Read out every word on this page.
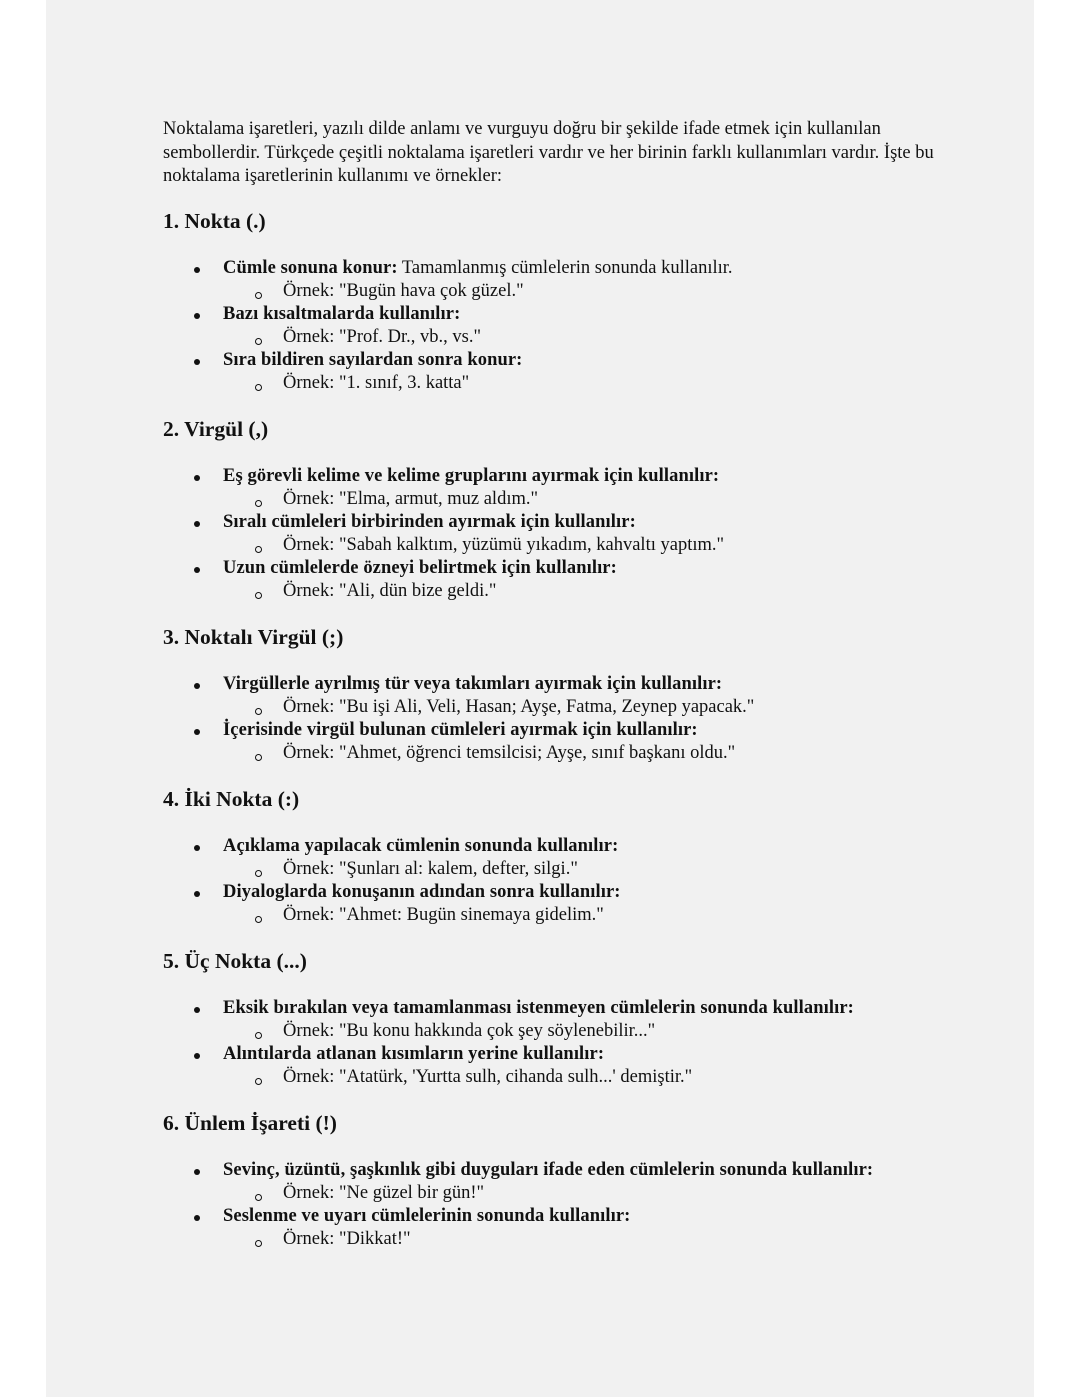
Noktalama işaretleri, yazılı dilde anlamı ve vurguyu doğru bir şekilde ifade etmek için kullanılan sembollerdir. Türkçede çeşitli noktalama işaretleri vardır ve her birinin farklı kullanımları vardır. İşte bu noktalama işaretlerinin kullanımı ve örnekler:

1. Nokta (.)
Cümle sonuna konur: Tamamlanmış cümlelerin sonunda kullanılır.
Örnek: "Bugün hava çok güzel."
Bazı kısaltmalarda kullanılır:
Örnek: "Prof. Dr., vb., vs."
Sıra bildiren sayılardan sonra konur:
Örnek: "1. sınıf, 3. katta"
2. Virgül (,)
Eş görevli kelime ve kelime gruplarını ayırmak için kullanılır:
Örnek: "Elma, armut, muz aldım."
Sıralı cümleleri birbirinden ayırmak için kullanılır:
Örnek: "Sabah kalktım, yüzümü yıkadım, kahvaltı yaptım."
Uzun cümlelerde özneyi belirtmek için kullanılır:
Örnek: "Ali, dün bize geldi."
3. Noktalı Virgül (;)
Virgüllerle ayrılmış tür veya takımları ayırmak için kullanılır:
Örnek: "Bu işi Ali, Veli, Hasan; Ayşe, Fatma, Zeynep yapacak."
İçerisinde virgül bulunan cümleleri ayırmak için kullanılır:
Örnek: "Ahmet, öğrenci temsilcisi; Ayşe, sınıf başkanı oldu."
4. İki Nokta (:)
Açıklama yapılacak cümlenin sonunda kullanılır:
Örnek: "Şunları al: kalem, defter, silgi."
Diyaloglarda konuşanın adından sonra kullanılır:
Örnek: "Ahmet: Bugün sinemaya gidelim."
5. Üç Nokta (...)
Eksik bırakılan veya tamamlanması istenmeyen cümlelerin sonunda kullanılır:
Örnek: "Bu konu hakkında çok şey söylenebilir..."
Alıntılarda atlanan kısımların yerine kullanılır:
Örnek: "Atatürk, 'Yurtta sulh, cihanda sulh...' demiştir."
6. Ünlem İşareti (!)
Sevinç, üzüntü, şaşkınlık gibi duyguları ifade eden cümlelerin sonunda kullanılır:
Örnek: "Ne güzel bir gün!"
Seslenme ve uyarı cümlelerinin sonunda kullanılır:
Örnek: "Dikkat!"
